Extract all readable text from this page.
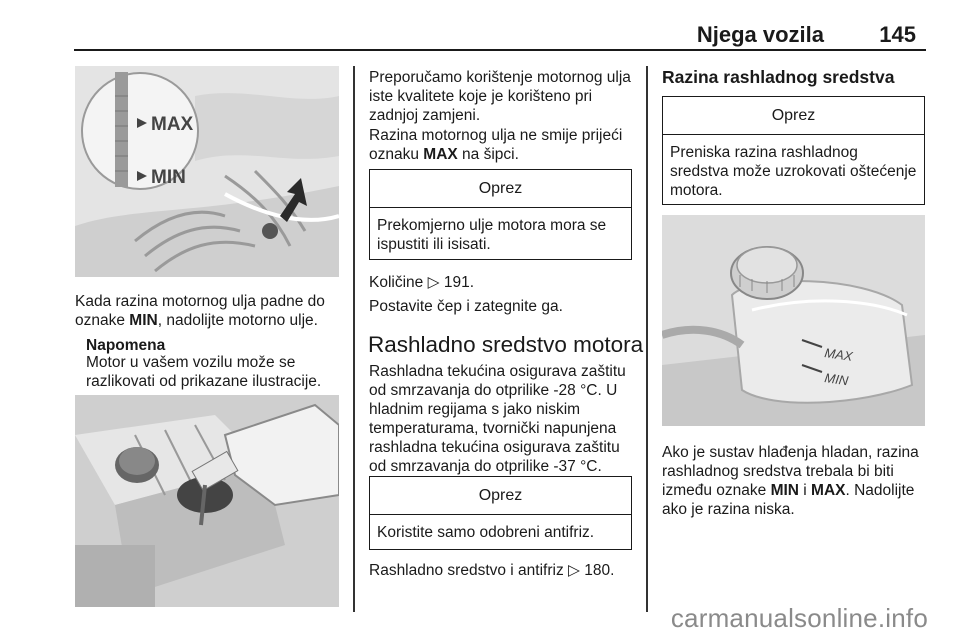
Njega vozila	145
MAX
MIN
Kada razina motornog ulja padne do oznake MIN, nadolijte motorno ulje.
Napomena
Motor u vašem vozilu može se razlikovati od prikazane ilustracije.
Preporučamo korištenje motornog ulja iste kvalitete koje je korišteno pri zadnjoj zamjeni.
Razina motornog ulja ne smije prijeći oznaku MAX na šipci.
Oprez
Prekomjerno ulje motora mora se ispustiti ili isisati.
Količine ▷ 191.
Postavite čep i zategnite ga.
Rashladno sredstvo motora
Rashladna tekućina osigurava zaštitu od smrzavanja do otprilike -28 °C. U hladnim regijama s jako niskim temperaturama, tvornički napunjena rashladna tekućina osigurava zaštitu od smrzavanja do otprilike -37 °C.
Oprez
Koristite samo odobreni antifriz.
Rashladno sredstvo i antifriz ▷ 180.
Razina rashladnog sredstva
Oprez
Preniska razina rashladnog sredstva može uzrokovati oštećenje motora.
MAX
MIN
Ako je sustav hlađenja hladan, razina rashladnog sredstva trebala bi biti između oznake MIN i MAX. Nadolijte ako je razina niska.
carmanualsonline.info
